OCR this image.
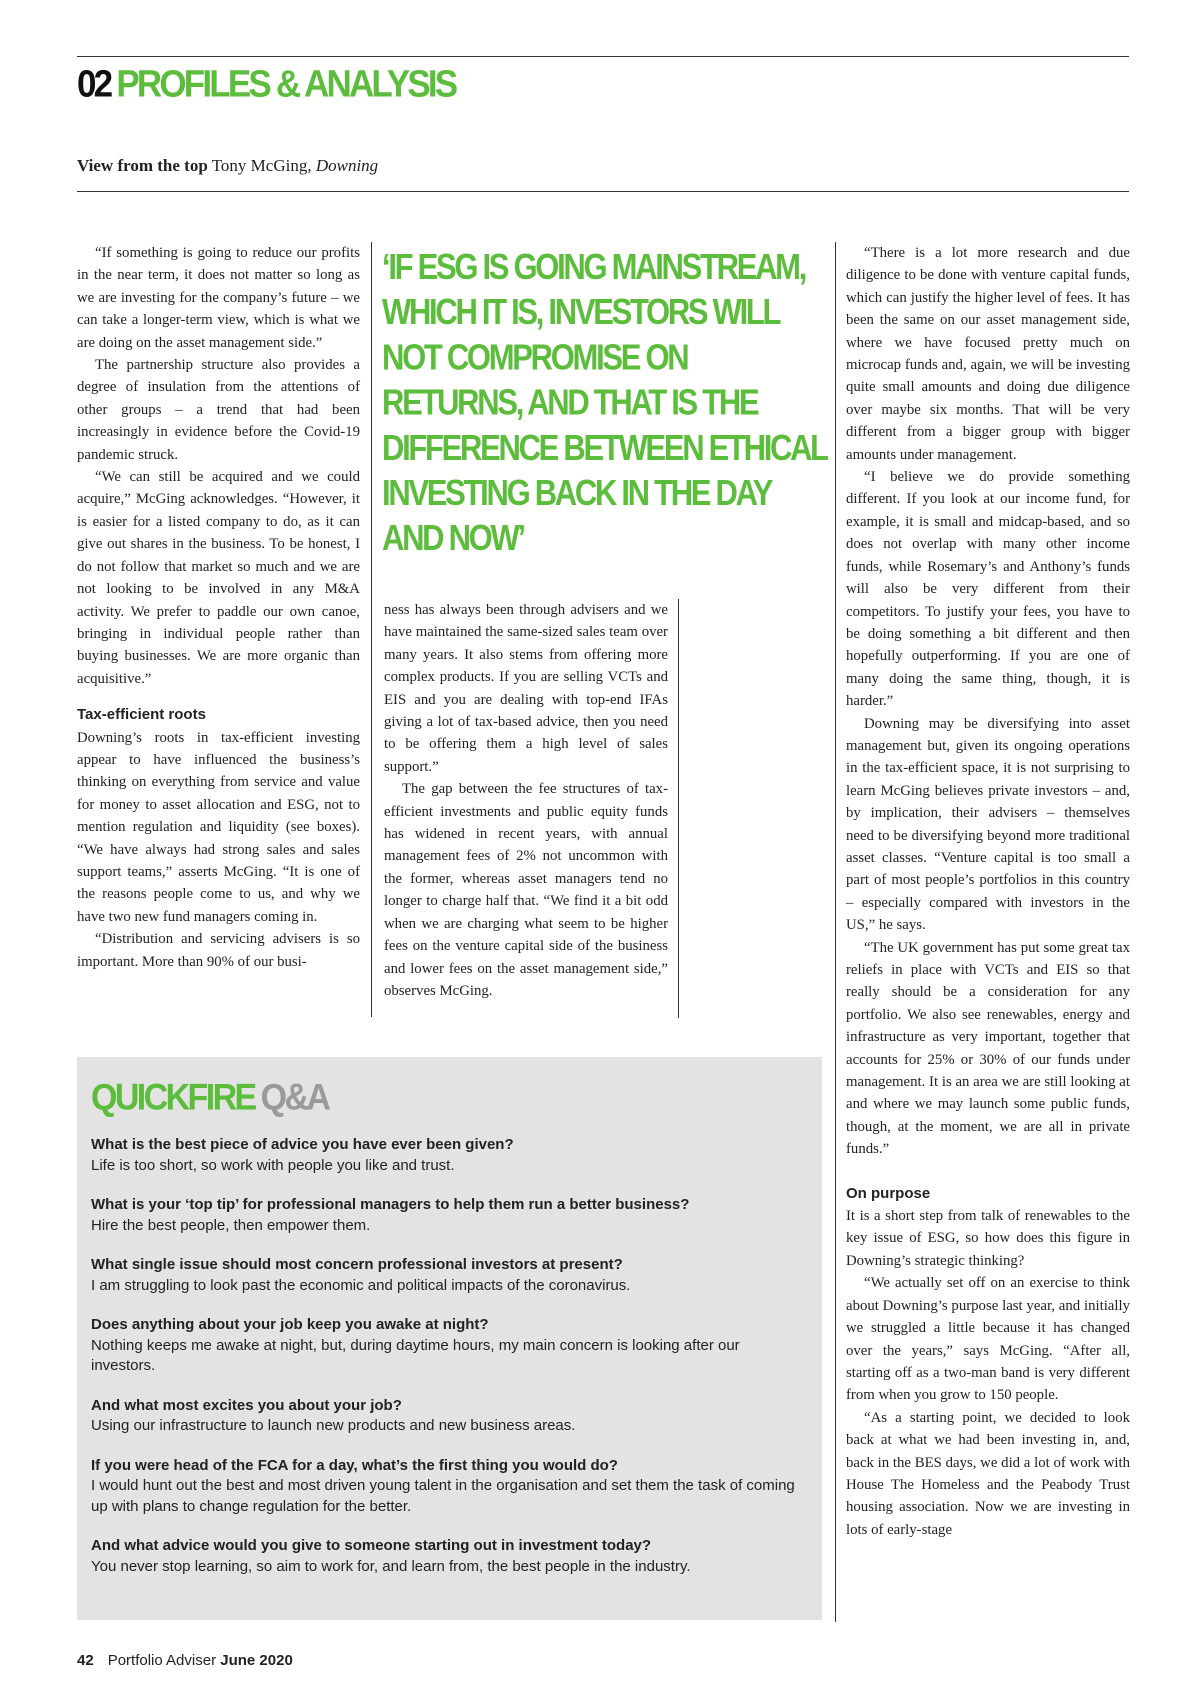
02 PROFILES & ANALYSIS
View from the top Tony McGing, Downing

“If something is going to reduce our profits in the near term, it does not matter so long as we are investing for the company’s future – we can take a longer-term view, which is what we are doing on the asset management side.”

The partnership structure also provides a degree of insulation from the attentions of other groups – a trend that had been increasingly in evidence before the Covid-19 pandemic struck.

“We can still be acquired and we could acquire,” McGing acknowledges. “However, it is easier for a listed company to do, as it can give out shares in the business. To be honest, I do not follow that market so much and we are not looking to be involved in any M&A activity. We prefer to paddle our own canoe, bringing in individual people rather than buying businesses. We are more organic than acquisitive.”

Tax-efficient roots

Downing’s roots in tax-efficient investing appear to have influenced the business’s thinking on everything from service and value for money to asset allocation and ESG, not to mention regulation and liquidity (see boxes). “We have always had strong sales and sales support teams,” asserts McGing. “It is one of the reasons people come to us, and why we have two new fund managers coming in.

“Distribution and servicing advisers is so important. More than 90% of our busi-

‘IF ESG IS GOING MAINSTREAM, WHICH IT IS, INVESTORS WILL NOT COMPROMISE ON RETURNS, AND THAT IS THE DIFFERENCE BETWEEN ETHICAL INVESTING BACK IN THE DAY AND NOW’

ness has always been through advisers and we have maintained the same-sized sales team over many years. It also stems from offering more complex products. If you are selling VCTs and EIS and you are dealing with top-end IFAs giving a lot of tax-based advice, then you need to be offering them a high level of sales support.”

The gap between the fee structures of tax-efficient investments and public equity funds has widened in recent years, with annual management fees of 2% not uncommon with the former, whereas asset managers tend no longer to charge half that. “We find it a bit odd when we are charging what seem to be higher fees on the venture capital side of the business and lower fees on the asset management side,” observes McGing.

“There is a lot more research and due diligence to be done with venture capital funds, which can justify the higher level of fees. It has been the same on our asset management side, where we have focused pretty much on microcap funds and, again, we will be investing quite small amounts and doing due diligence over maybe six months. That will be very different from a bigger group with bigger amounts under management.

“I believe we do provide something different. If you look at our income fund, for example, it is small and midcap-based, and so does not overlap with many other income funds, while Rosemary’s and Anthony’s funds will also be very different from their competitors. To justify your fees, you have to be doing something a bit different and then hopefully outperforming. If you are one of many doing the same thing, though, it is harder.”

Downing may be diversifying into asset management but, given its ongoing operations in the tax-efficient space, it is not surprising to learn McGing believes private investors – and, by implication, their advisers – themselves need to be diversifying beyond more traditional asset classes. “Venture capital is too small a part of most people’s portfolios in this country – especially compared with investors in the US,” he says.

“The UK government has put some great tax reliefs in place with VCTs and EIS so that really should be a consideration for any portfolio. We also see renewables, energy and infrastructure as very important, together that accounts for 25% or 30% of our funds under management. It is an area we are still looking at and where we may launch some public funds, though, at the moment, we are all in private funds.”

On purpose

It is a short step from talk of renewables to the key issue of ESG, so how does this figure in Downing’s strategic thinking?

“We actually set off on an exercise to think about Downing’s purpose last year, and initially we struggled a little because it has changed over the years,” says McGing. “After all, starting off as a two-man band is very different from when you grow to 150 people.

“As a starting point, we decided to look back at what we had been investing in, and, back in the BES days, we did a lot of work with House The Homeless and the Peabody Trust housing association. Now we are investing in lots of early-stage

QUICKFIRE Q&A
What is the best piece of advice you have ever been given?
Life is too short, so work with people you like and trust.
What is your ‘top tip’ for professional managers to help them run a better business?
Hire the best people, then empower them.
What single issue should most concern professional investors at present?
I am struggling to look past the economic and political impacts of the coronavirus.
Does anything about your job keep you awake at night?
Nothing keeps me awake at night, but, during daytime hours, my main concern is looking after our investors.
And what most excites you about your job?
Using our infrastructure to launch new products and new business areas.
If you were head of the FCA for a day, what’s the first thing you would do?
I would hunt out the best and most driven young talent in the organisation and set them the task of coming up with plans to change regulation for the better.
And what advice would you give to someone starting out in investment today?
You never stop learning, so aim to work for, and learn from, the best people in the industry.
42 Portfolio Adviser June 2020
